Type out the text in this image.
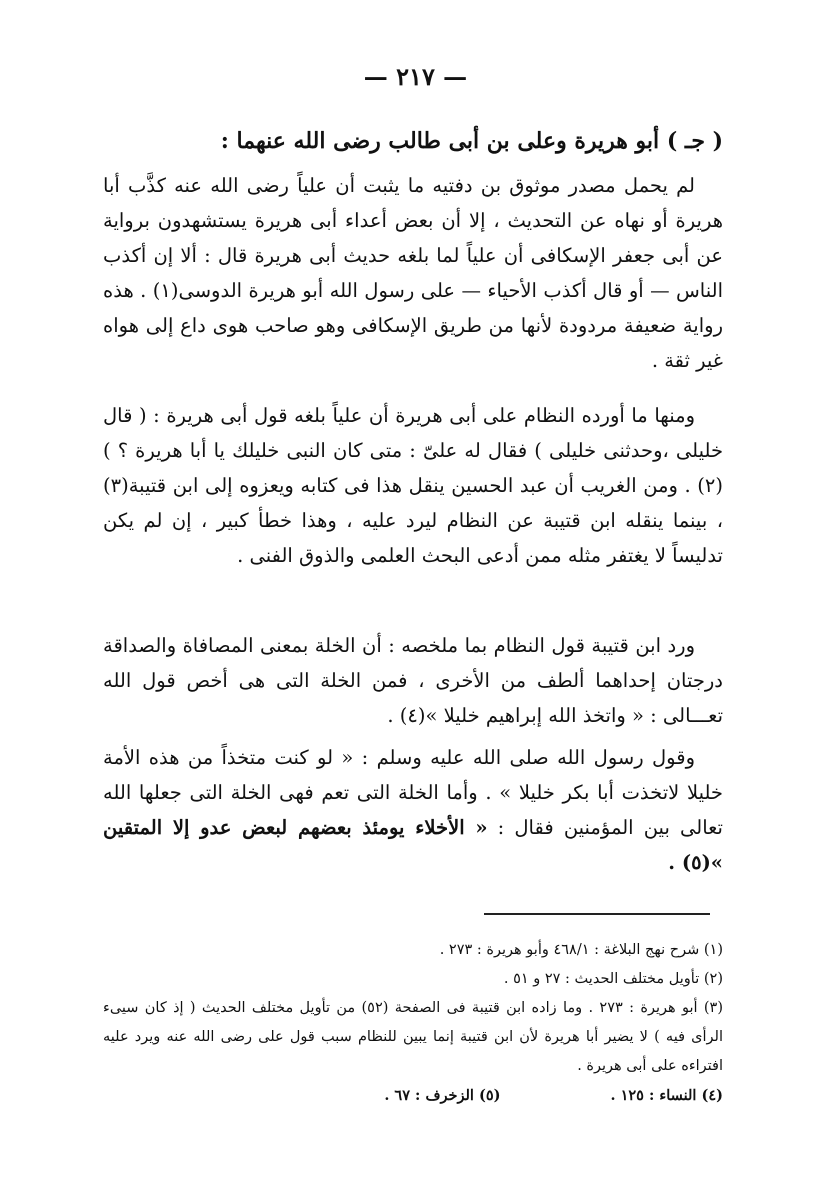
— ٢١٧ —
( جـ ) أبو هريرة وعلى بن أبى طالب رضى الله عنهما :
لم يحمل مصدر موثوق بن دفتيه ما يثبت أن علياً رضى الله عنه كذَّب أبا هريرة أو نهاه عن التحديث ، إلا أن بعض أعداء أبى هريرة يستشهدون برواية عن أبى جعفر الإسكافى أن علياً لما بلغه حديث أبى هريرة قال : ألا إن أكذب الناس — أو قال أكذب الأحياء — على رسول الله أبو هريرة الدوسى(١) . هذه رواية ضعيفة مردودة لأنها من طريق الإسكافى وهو صاحب هوى داع إلى هواه غير ثقة .
ومنها ما أورده النظام على أبى هريرة أن علياً بلغه قول أبى هريرة : ( قال خليلى ،وحدثنى خليلى ) فقال له علىّ : متى كان النبى خليلك يا أبا هريرة ؟ )(٢) . ومن الغريب أن عبد الحسين ينقل هذا فى كتابه ويعزوه إلى ابن قتيبة(٣) ، بينما ينقله ابن قتيبة عن النظام ليرد عليه ، وهذا خطأ كبير ، إن لم يكن تدليساً لا يغتفر مثله ممن أدعى البحث العلمى والذوق الفنى .
ورد ابن قتيبة قول النظام بما ملخصه : أن الخلة بمعنى المصافاة والصداقة درجتان إحداهما ألطف من الأخرى ، فمن الخلة التى هى أخص قول الله تعـــالى : « واتخذ الله إبراهيم خليلا »(٤) .
وقول رسول الله صلى الله عليه وسلم : « لو كنت متخذاً من هذه الأمة خليلا لاتخذت أبا بكر خليلا » . وأما الخلة التى تعم فهى الخلة التى جعلها الله تعالى بين المؤمنين فقال : « الأخلاء يومئذ بعضهم لبعض عدو إلا المتقين »(٥) .
(١) شرح نهج البلاغة : ٤٦٨/١ وأبو هريرة : ٢٧٣ .
(٢) تأويل مختلف الحديث : ٢٧ و ٥١ .
(٣) أبو هريرة : ٢٧٣ . وما زاده ابن قتيبة فى الصفحة (٥٢) من تأويل مختلف الحديث ( إذ كان سيىء الرأى فيه ) لا يضير أبا هريرة لأن ابن قتيبة إنما يبين للنظام سبب قول على رضى الله عنه ويرد عليه افتراءه على أبى هريرة .
(٤) النساء : ١٢٥ .
(٥) الزخرف : ٦٧ .
